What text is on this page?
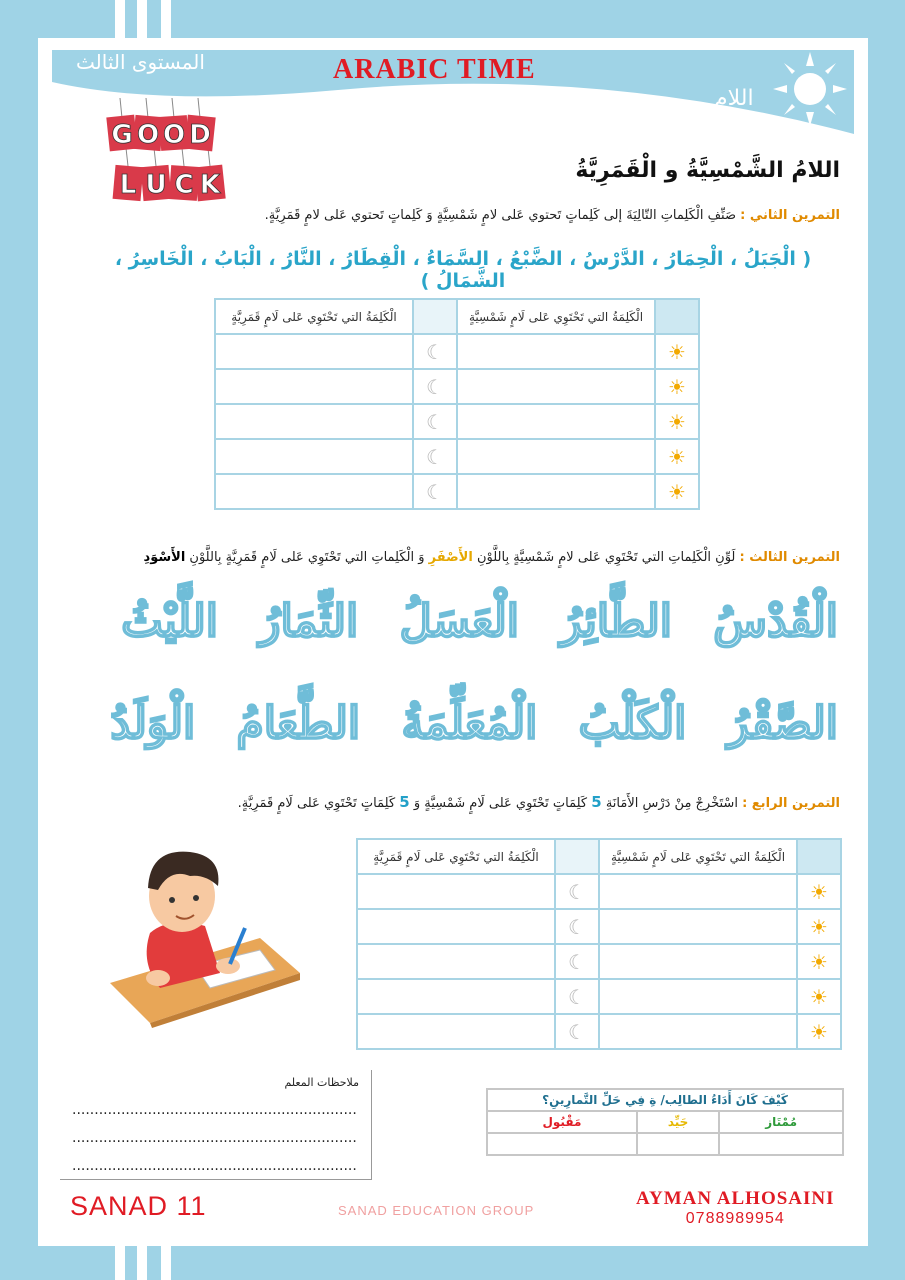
المستوى الثالث	ARABIC TIME
اللام
G O O D
L U C K	اللامُ الشَّمْسِيَّةُ و الْقَمَرِيَّةُ
التمرين الثاني : صَنِّفِ الْكَلِماتِ التّالِيَةَ إلى كَلِماتٍ تَحتوي عَلى لامٍ شَمْسِيَّةٍ وَ كَلِماتٍ تَحتوي عَلى لامٍ قَمَرِيَّةٍ.
( الْجَبَلُ ، الْحِمَارُ ، الدَّرْسُ ، الضَّبْعُ ، السَّمَاءُ ، الْقِطَارُ ، النَّارُ ، الْبَابُ ، الْخَاسِرُ ، الشَّمَالُ )
	الْكَلِمَةُ التي تَحْتَوِي عَلى لَامٍ شَمْسِيَّةٍ		الْكَلِمَةُ التي تَحْتَوِي عَلى لَامٍ قَمَرِيَّةٍ
☀		☾	
☀		☾	
☀		☾	
☀		☾	
☀		☾	
التمرين الثالث : لَوِّنِ الْكَلِماتِ التي تَحْتَوِي عَلى لامٍ شَمْسِيَّةٍ بِاللَّوْنِ الأَصْفَرِ وَ الْكَلِماتِ التي تَحْتَوِي عَلى لَامٍ قَمَرِيَّةٍ بِاللَّوْنِ الأَسْوَدِ
الْقُدْسُ الطَّائِرُ الْعَسَلُ الثِّمَارُ اللَّيْثُ
الصَّقْرُ الْكَلْبُ الْمُعَلِّمَةُ الطَّعَامُ الْوَلَدُ
التمرين الرابع : اسْتَخْرِجْ مِنْ دَرْسِ الأَمَانَةِ 5 كَلِمَاتٍ تَحْتَوِي عَلى لَامٍ شَمْسِيَّةٍ وَ 5 كَلِمَاتٍ تَحْتَوِي عَلى لَامٍ قَمَرِيَّةٍ.
	الْكَلِمَةُ التي تَحْتَوِي عَلى لَامٍ شَمْسِيَّةٍ		الْكَلِمَةُ التي تَحْتَوِي عَلى لَامٍ قَمَرِيَّةٍ
☀		☾	
☀		☾	
☀		☾	
☀		☾	
☀		☾	
ملاحظات المعلم
................................................................
................................................................
................................................................
كَيْفَ كَانَ أَدَاءُ الطالِب/ ةِ فِي حَلِّ التَّمارِينِ؟		
مُمْتَاز	جَيِّد	مَقْبُول

SANAD 11	SANAD EDUCATION GROUP
AYMAN ALHOSAINI
0788989954
